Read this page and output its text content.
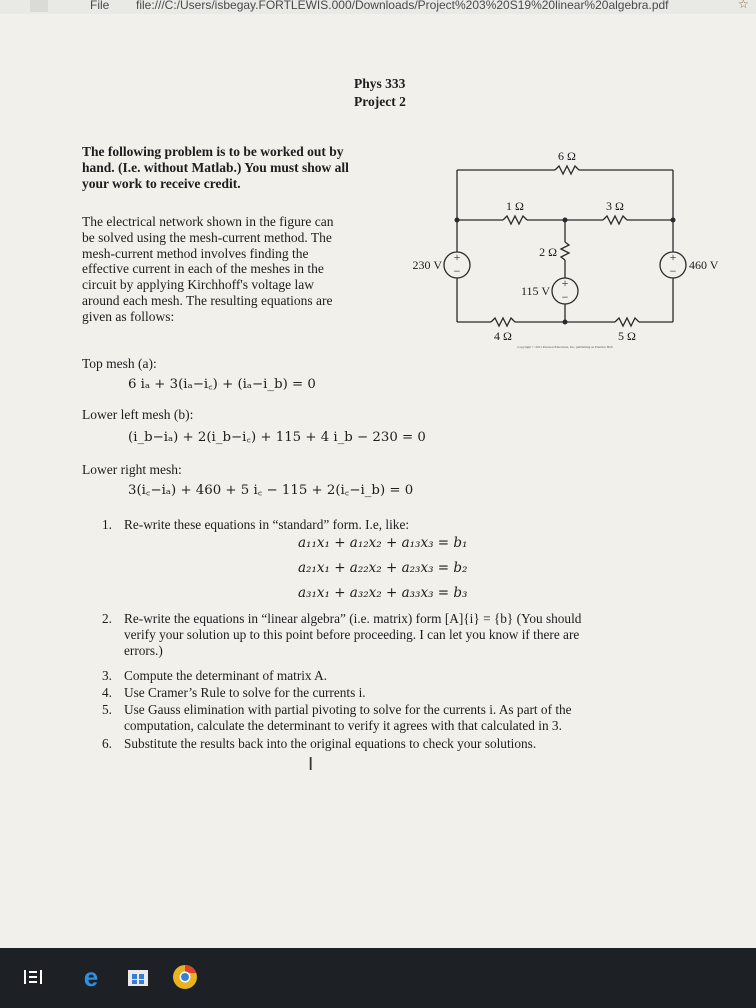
File file:///C:/Users/isbegay.FORTLEWIS.000/Downloads/Project%203%20S19%20linear%20algebra.pdf	☆
Phys 333
Project 2
The following problem is to be worked out by
hand. (I.e. without Matlab.) You must show all
your work to receive credit.
The electrical network shown in the figure can
be solved using the mesh-current method. The
mesh-current method involves finding the
effective current in each of the meshes in the
circuit by applying Kirchhoff's voltage law
around each mesh. The resulting equations are
given as follows:
+
−
+
−
+
−
6 Ω
1 Ω	3 Ω
2 Ω
4 Ω	5 Ω
230 V
115 V
460 V
Copyright © 2011 Pearson Education, Inc. publishing as Prentice Hall
Top mesh (a):
6 iₐ + 3(iₐ−i꜀) + (iₐ−i_b) = 0
Lower left mesh (b):
(i_b−iₐ) + 2(i_b−i꜀) + 115 + 4 i_b − 230 = 0
Lower right mesh:
3(i꜀−iₐ) + 460 + 5 i꜀ − 115 + 2(i꜀−i_b) = 0
1. Re-write these equations in “standard” form. I.e, like:
2. Re-write the equations in “linear algebra” (i.e. matrix) form [A]{i} = {b} (You should
verify your solution up to this point before proceeding. I can let you know if there are
errors.)
3. Compute the determinant of matrix A.
4. Use Cramer’s Rule to solve for the currents i.
5. Use Gauss elimination with partial pivoting to solve for the currents i. As part of the
computation, calculate the determinant to verify it agrees with that calculated in 3.
6. Substitute the results back into the original equations to check your solutions.
a₁₁x₁ + a₁₂x₂ + a₁₃x₃ = b₁
a₂₁x₁ + a₂₂x₂ + a₂₃x₃ = b₂
a₃₁x₁ + a₃₂x₂ + a₃₃x₃ = b₃
I
e
